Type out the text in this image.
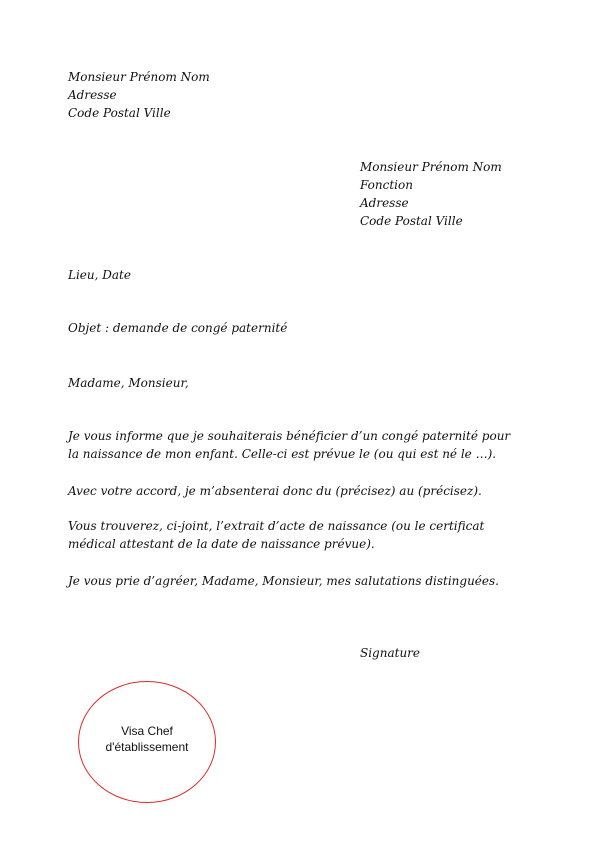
Monsieur Prénom Nom
Adresse
Code Postal Ville
Monsieur Prénom Nom
Fonction
Adresse
Code Postal Ville
Lieu, Date
Objet : demande de congé paternité
Madame, Monsieur,
Je vous informe que je souhaiterais bénéficier d’un congé paternité pour
la naissance de mon enfant. Celle-ci est prévue le (ou qui est né le …).
Avec votre accord, je m’absenterai donc du (précisez) au (précisez).
Vous trouverez, ci-joint, l’extrait d’acte de naissance (ou le certificat
médical attestant de la date de naissance prévue).
Je vous prie d’agréer, Madame, Monsieur, mes salutations distinguées.
Signature
Visa Chef
d'établissement
